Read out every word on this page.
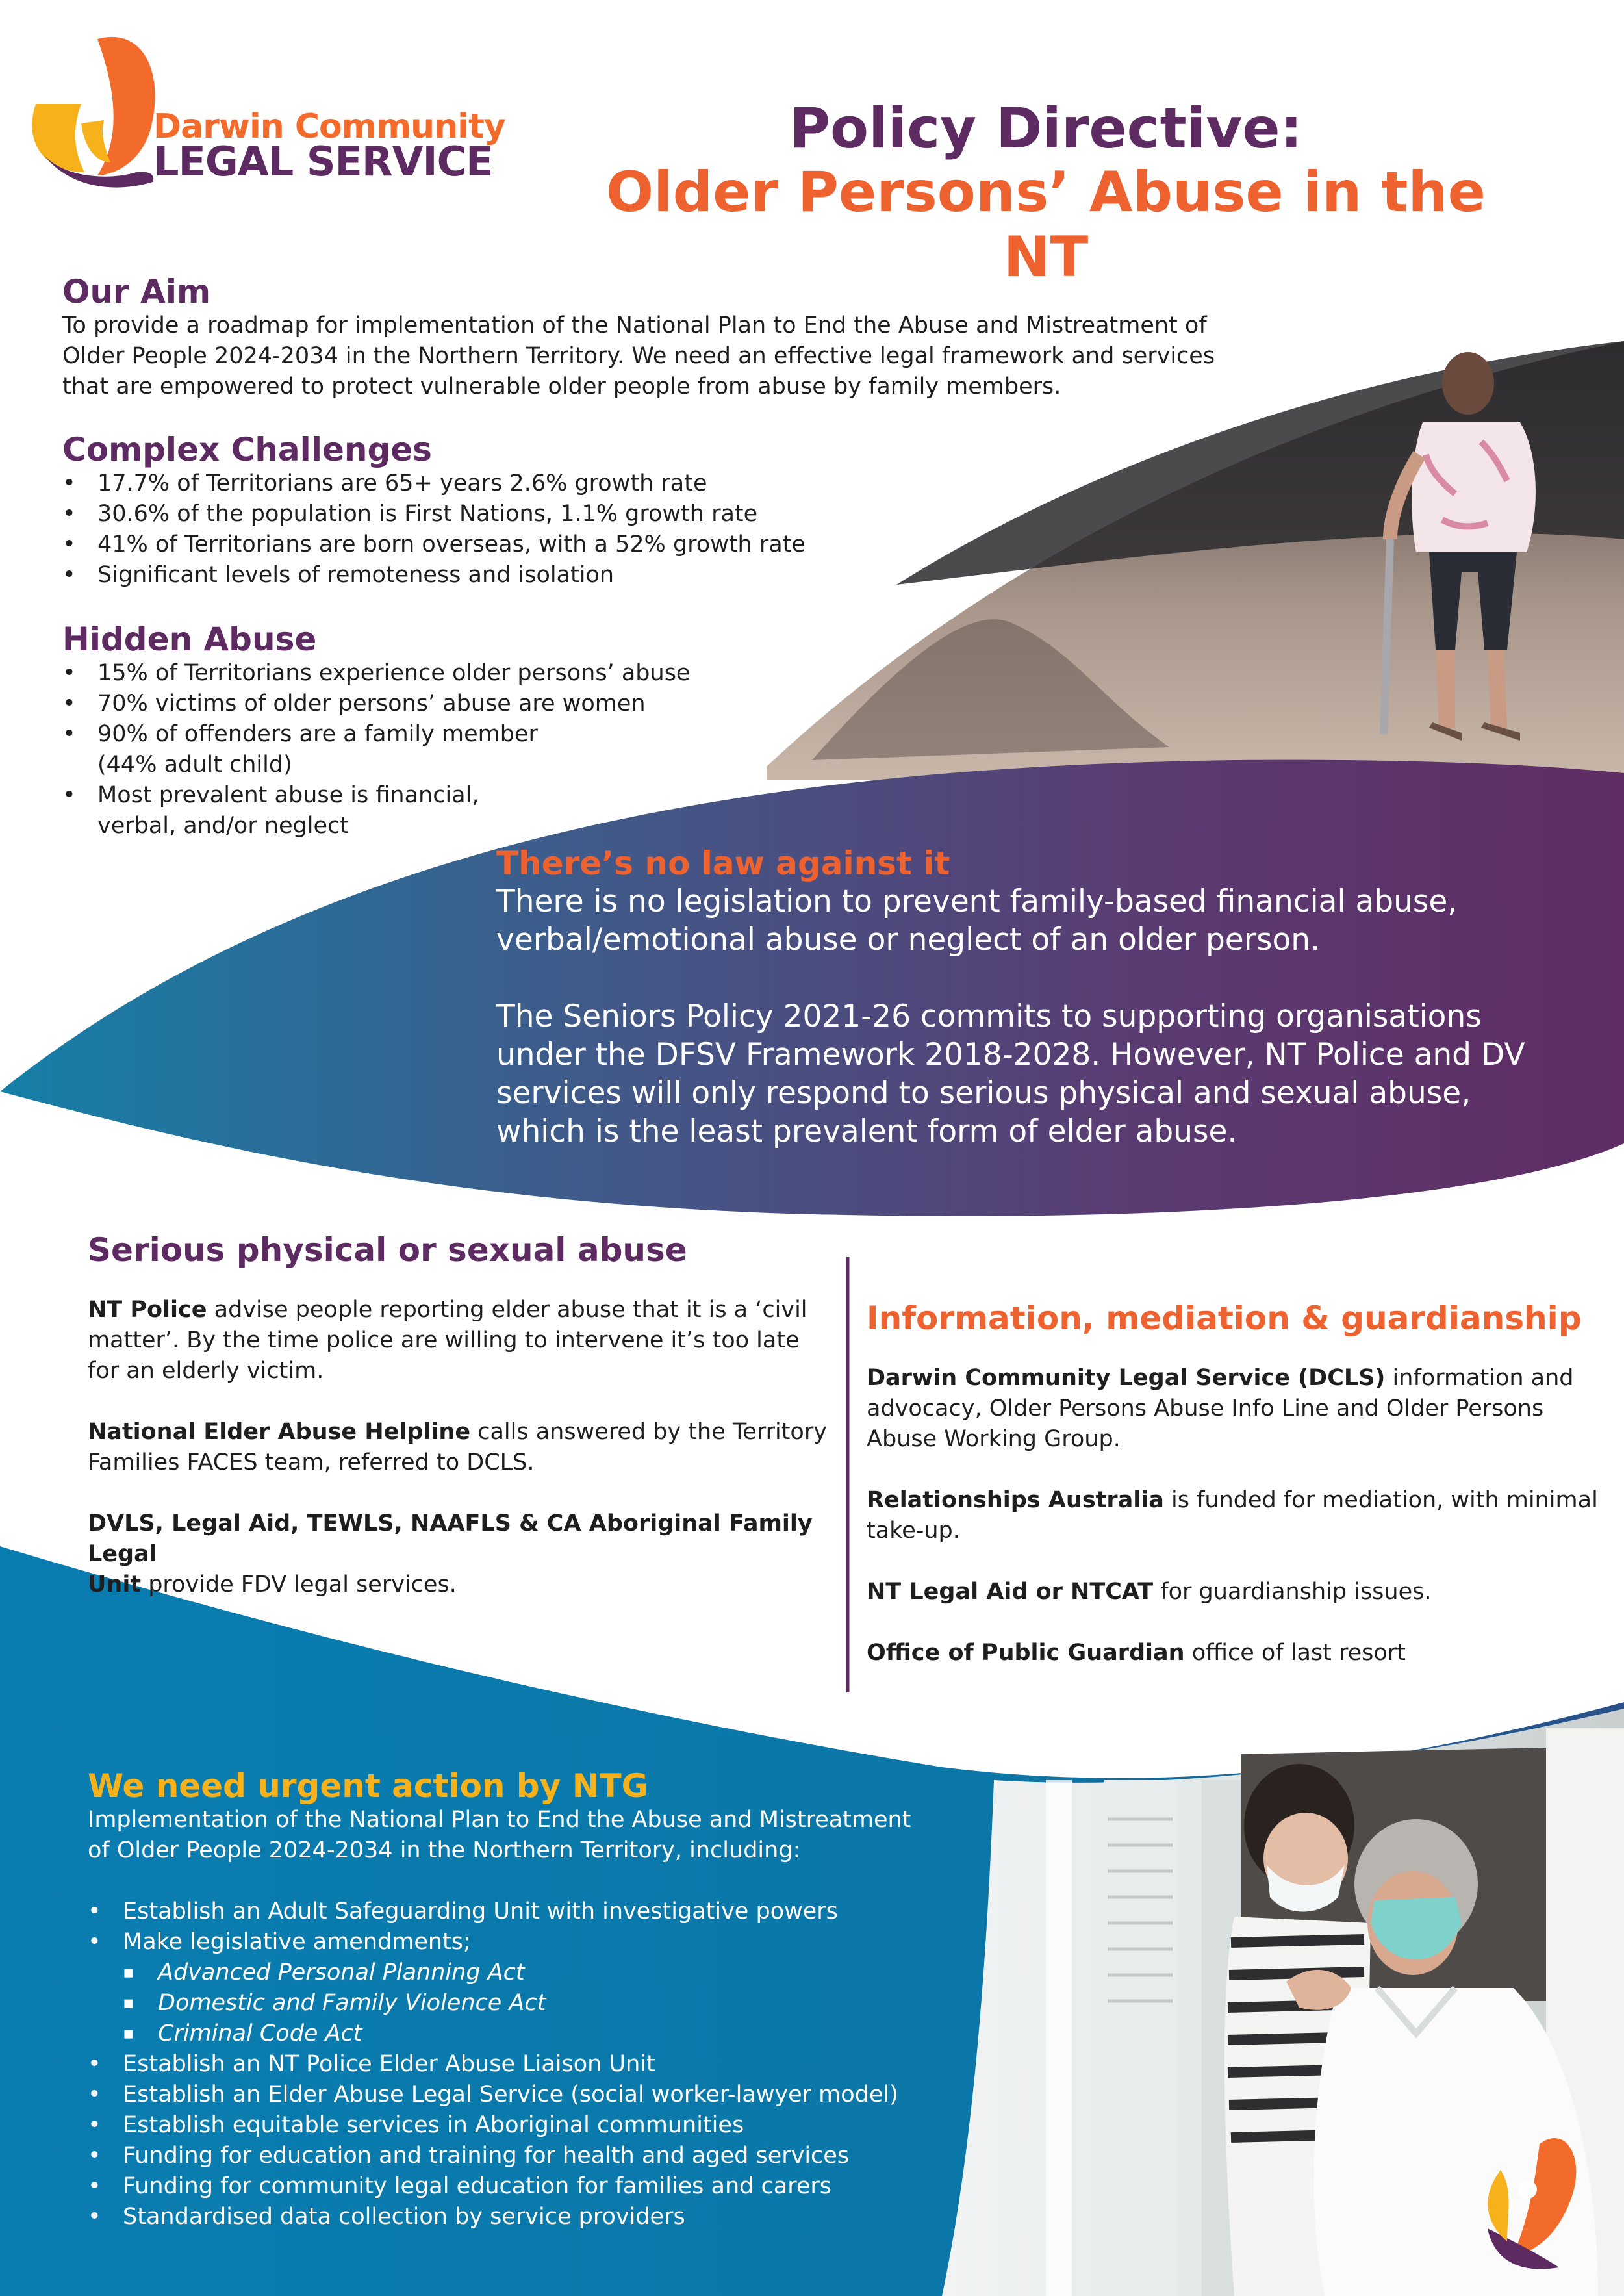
Darwin Community
LEGAL SERVICE
Policy Directive:
Older Persons’ Abuse in the NT
Our Aim
To provide a roadmap for implementation of the National Plan to End the Abuse and Mistreatment of
Older People 2024-2034 in the Northern Territory. We need an effective legal framework and services
that are empowered to protect vulnerable older people from abuse by family members.
Complex Challenges
• 17.7% of Territorians are 65+ years 2.6% growth rate
• 30.6% of the population is First Nations, 1.1% growth rate
• 41% of Territorians are born overseas, with a 52% growth rate
• Significant levels of remoteness and isolation
Hidden Abuse
• 15% of Territorians experience older persons’ abuse
• 70% victims of older persons’ abuse are women
• 90% of offenders are a family member
(44% adult child)
• Most prevalent abuse is financial,
verbal, and/or neglect
There’s no law against it
There is no legislation to prevent family-based financial abuse,
verbal/emotional abuse or neglect of an older person.
The Seniors Policy 2021-26 commits to supporting organisations
under the DFSV Framework 2018-2028. However, NT Police and DV
services will only respond to serious physical and sexual abuse,
which is the least prevalent form of elder abuse.
Serious physical or sexual abuse

NT Police advise people reporting elder abuse that it is a ‘civil
matter’. By the time police are willing to intervene it’s too late
for an elderly victim.

National Elder Abuse Helpline calls answered by the Territory
Families FACES team, referred to DCLS.

DVLS, Legal Aid, TEWLS, NAAFLS & CA Aboriginal Family Legal
Unit provide FDV legal services.

Information, mediation & guardianship

Darwin Community Legal Service (DCLS) information and
advocacy, Older Persons Abuse Info Line and Older Persons
Abuse Working Group.

Relationships Australia is funded for mediation, with minimal
take-up.

NT Legal Aid or NTCAT for guardianship issues.

Office of Public Guardian office of last resort

We need urgent action by NTG
Implementation of the National Plan to End the Abuse and Mistreatment
of Older People 2024-2034 in the Northern Territory, including:
• Establish an Adult Safeguarding Unit with investigative powers
• Make legislative amendments;
▪ Advanced Personal Planning Act
▪ Domestic and Family Violence Act
▪ Criminal Code Act
• Establish an NT Police Elder Abuse Liaison Unit
• Establish an Elder Abuse Legal Service (social worker-lawyer model)
• Establish equitable services in Aboriginal communities
• Funding for education and training for health and aged services
• Funding for community legal education for families and carers
• Standardised data collection by service providers
